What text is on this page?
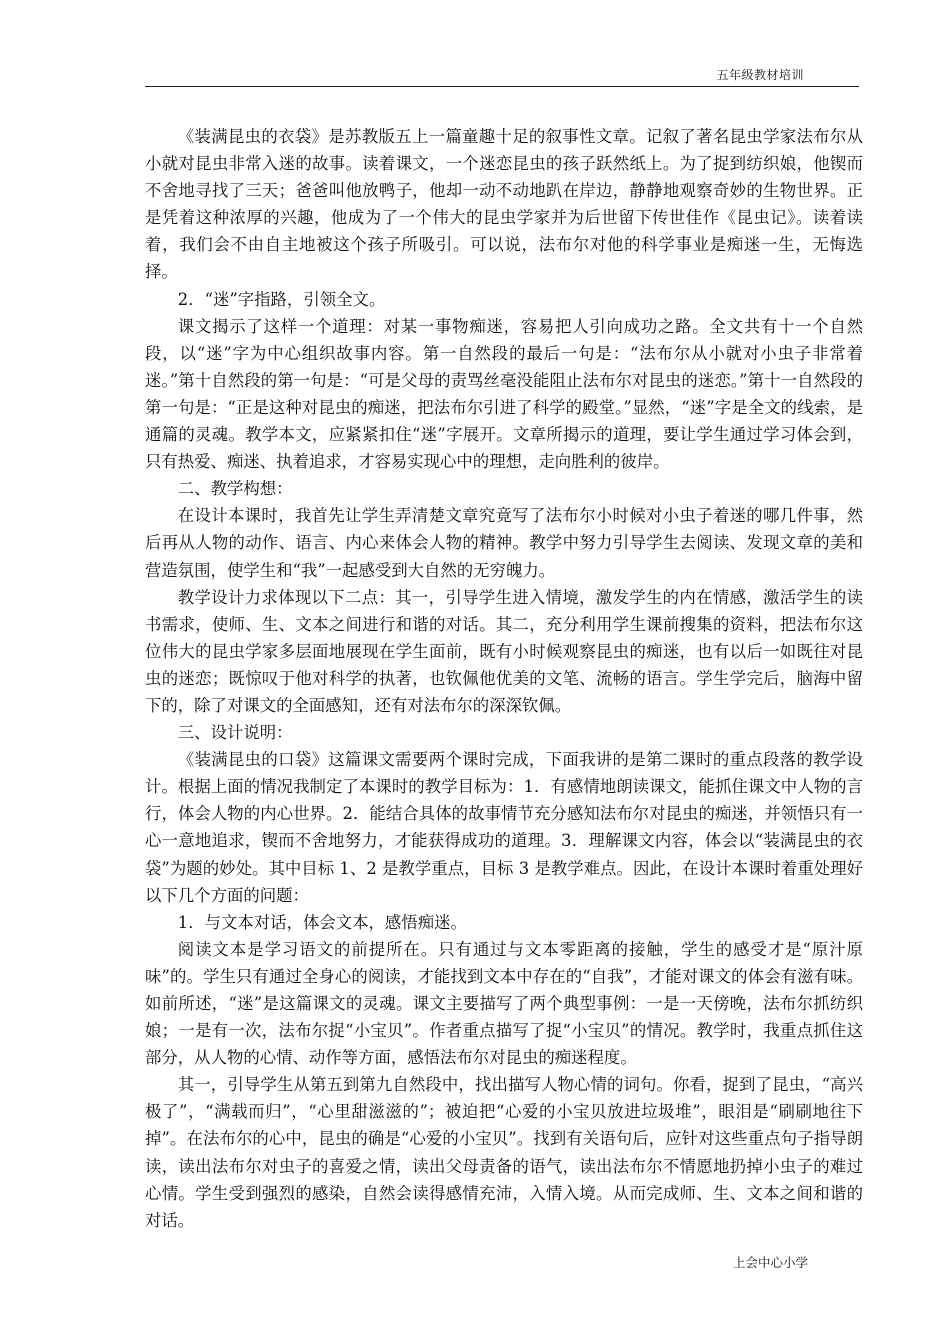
五年级教材培训

《装满昆虫的衣袋》是苏教版五上一篇童趣十足的叙事性文章。记叙了著名昆虫学家法布尔从小就对昆虫非常入迷的故事。读着课文，一个迷恋昆虫的孩子跃然纸上。为了捉到纺织娘，他锲而不舍地寻找了三天；爸爸叫他放鸭子，他却一动不动地趴在岸边，静静地观察奇妙的生物世界。正是凭着这种浓厚的兴趣，他成为了一个伟大的昆虫学家并为后世留下传世佳作《昆虫记》。读着读着，我们会不由自主地被这个孩子所吸引。可以说，法布尔对他的科学事业是痴迷一生，无悔选择。

2．“迷”字指路，引领全文。

课文揭示了这样一个道理：对某一事物痴迷，容易把人引向成功之路。全文共有十一个自然段，以“迷”字为中心组织故事内容。第一自然段的最后一句是：“法布尔从小就对小虫子非常着迷。”第十自然段的第一句是：“可是父母的责骂丝毫没能阻止法布尔对昆虫的迷恋。”第十一自然段的第一句是：“正是这种对昆虫的痴迷，把法布尔引进了科学的殿堂。”显然，“迷”字是全文的线索，是通篇的灵魂。教学本文，应紧紧扣住“迷”字展开。文章所揭示的道理，要让学生通过学习体会到，只有热爱、痴迷、执着追求，才容易实现心中的理想，走向胜利的彼岸。

二、教学构想：

在设计本课时，我首先让学生弄清楚文章究竟写了法布尔小时候对小虫子着迷的哪几件事，然后再从人物的动作、语言、内心来体会人物的精神。教学中努力引导学生去阅读、发现文章的美和营造氛围，使学生和“我”一起感受到大自然的无穷魄力。

教学设计力求体现以下二点：其一，引导学生进入情境，激发学生的内在情感，激活学生的读书需求，使师、生、文本之间进行和谐的对话。其二，充分利用学生课前搜集的资料，把法布尔这位伟大的昆虫学家多层面地展现在学生面前，既有小时候观察昆虫的痴迷，也有以后一如既往对昆虫的迷恋；既惊叹于他对科学的执著，也钦佩他优美的文笔、流畅的语言。学生学完后，脑海中留下的，除了对课文的全面感知，还有对法布尔的深深钦佩。

三、设计说明：

《装满昆虫的口袋》这篇课文需要两个课时完成，下面我讲的是第二课时的重点段落的教学设计。根据上面的情况我制定了本课时的教学目标为：1．有感情地朗读课文，能抓住课文中人物的言行，体会人物的内心世界。2．能结合具体的故事情节充分感知法布尔对昆虫的痴迷，并领悟只有一心一意地追求，锲而不舍地努力，才能获得成功的道理。3．理解课文内容，体会以“装满昆虫的衣袋”为题的妙处。其中目标 1、2 是教学重点，目标 3 是教学难点。因此，在设计本课时着重处理好以下几个方面的问题：

1．与文本对话，体会文本，感悟痴迷。

阅读文本是学习语文的前提所在。只有通过与文本零距离的接触，学生的感受才是“原汁原味”的。学生只有通过全身心的阅读，才能找到文本中存在的“自我”，才能对课文的体会有滋有味。如前所述，“迷”是这篇课文的灵魂。课文主要描写了两个典型事例：一是一天傍晚，法布尔抓纺织娘；一是有一次，法布尔捉“小宝贝”。作者重点描写了捉“小宝贝”的情况。教学时，我重点抓住这部分，从人物的心情、动作等方面，感悟法布尔对昆虫的痴迷程度。

其一，引导学生从第五到第九自然段中，找出描写人物心情的词句。你看，捉到了昆虫，“高兴极了”，“满载而归”，“心里甜滋滋的”；被迫把“心爱的小宝贝放进垃圾堆”，眼泪是“刷刷地往下掉”。在法布尔的心中，昆虫的确是“心爱的小宝贝”。找到有关语句后，应针对这些重点句子指导朗读，读出法布尔对虫子的喜爱之情，读出父母责备的语气，读出法布尔不情愿地扔掉小虫子的难过心情。学生受到强烈的感染，自然会读得感情充沛，入情入境。从而完成师、生、文本之间和谐的对话。

上会中心小学
